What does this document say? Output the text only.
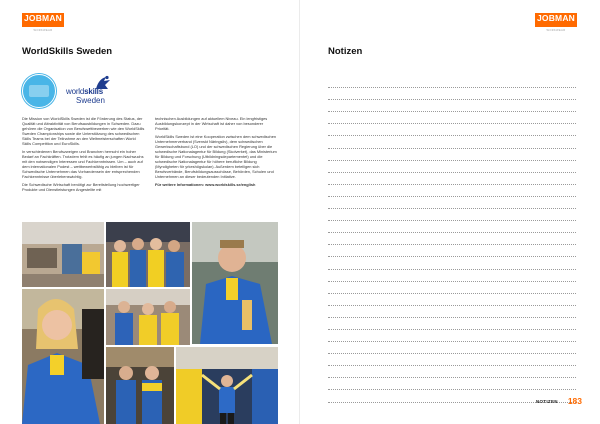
JOBMAN
WORKWEAR
WorldSkills Sweden
worldskills
Sweden

Die Mission von WorldSkills Sweden ist die Förderung des Status, der Qualität und Attraktivität von Berufsausbildungen in Schweden. Dazu gehören die Organisation von Berufswettbewerben wie den WorldSkills Sweden Championships sowie die Unterstützung des schwedischen Skills Teams bei der Teilnahme an den Weltmeisterschaften World Skills Competition und EuroSkills.

In verschiedenen Berufszweigen und Branchen herrscht ein hoher Bedarf an Fachkräften. Trotzdem fehlt es häufig an jungen Nachwuchs mit den notwendigen Interessen und Fachkenntnissen. Um – auch auf dem internationalen Podest – wettbewerbsfähig zu bleiben ist für Schwedische Unternehmen das Vorhandensein der entsprechenden Fachkenntnisse überlebenswichtig.

Die Schwedische Wirtschaft benötigt zur Bereitstellung hochwertiger Produkte und Dienstleistungen Angestellte mit

technischen Ausbildungen auf aktuellem Niveau. Ein lengfristiges Ausbildungskonzept in der Wirtschaft ist daher von besonderer Priorität.

WorldSkills Sweden ist eine Kooperation zwischen dem schwedischen Unternehmerverband (Svenskt Näringsliv), dem schwedischen Gewerkschaftsbund (LO) und der schwedischen Regierung über die schwedische Nationalagentur für Bildung (Skolverket), das Ministerium für Bildung und Forschung (Utbildningsdepartementet) und die schwedische Nationalagentur für höhere berufliche Bildung (Myndigheten för yrkeshögskolan). Außerdem beteiligen sich Berufsverbände, Berufsbildungsausschüsse, Behörden, Schulen und Unternehmen an dieser bedeutenden Initiative.

Für weitere Informationen: www.worldskills.se/english

JOBMAN
WORKWEAR
Notizen
NOTIZEN 183
